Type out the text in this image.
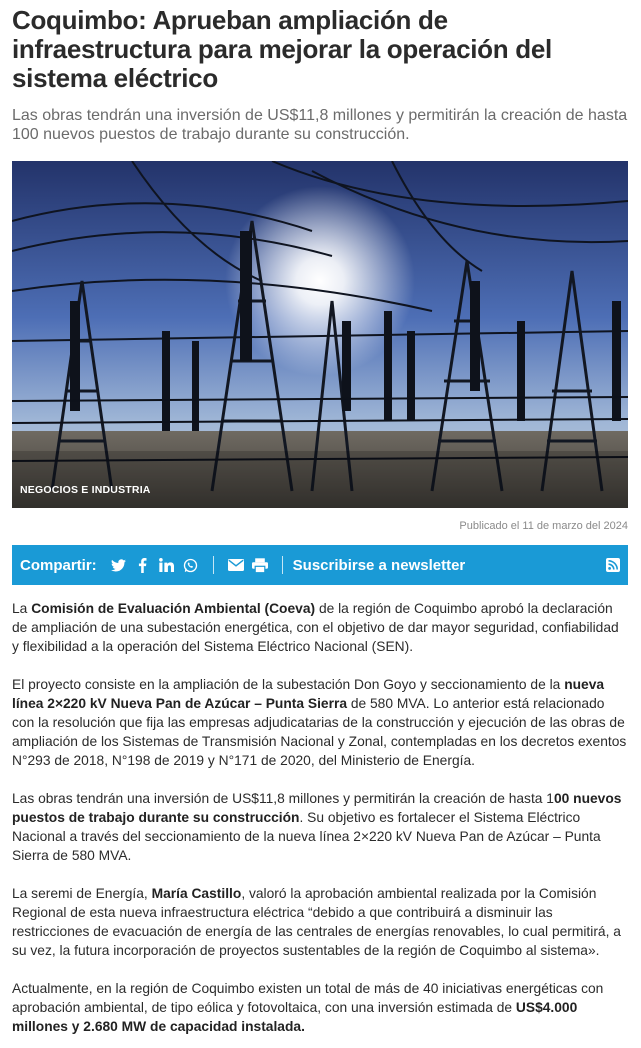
Coquimbo: Aprueban ampliación de infraestructura para mejorar la operación del sistema eléctrico
Las obras tendrán una inversión de US$11,8 millones y permitirán la creación de hasta 100 nuevos puestos de trabajo durante su construcción.
NEGOCIOS E INDUSTRIA
Publicado el 11 de marzo del 2024
Compartir:	Suscribirse a newsletter

La Comisión de Evaluación Ambiental (Coeva) de la región de Coquimbo aprobó la declaración de ampliación de una subestación energética, con el objetivo de dar mayor seguridad, confiabilidad y flexibilidad a la operación del Sistema Eléctrico Nacional (SEN).

El proyecto consiste en la ampliación de la subestación Don Goyo y seccionamiento de la nueva línea 2×220 kV Nueva Pan de Azúcar – Punta Sierra de 580 MVA. Lo anterior está relacionado con la resolución que fija las empresas adjudicatarias de la construcción y ejecución de las obras de ampliación de los Sistemas de Transmisión Nacional y Zonal, contempladas en los decretos exentos N°293 de 2018, N°198 de 2019 y N°171 de 2020, del Ministerio de Energía.

Las obras tendrán una inversión de US$11,8 millones y permitirán la creación de hasta 100 nuevos puestos de trabajo durante su construcción. Su objetivo es fortalecer el Sistema Eléctrico Nacional a través del seccionamiento de la nueva línea 2×220 kV Nueva Pan de Azúcar – Punta Sierra de 580 MVA.

La seremi de Energía, María Castillo, valoró la aprobación ambiental realizada por la Comisión Regional de esta nueva infraestructura eléctrica “debido a que contribuirá a disminuir las restricciones de evacuación de energía de las centrales de energías renovables, lo cual permitirá, a su vez, la futura incorporación de proyectos sustentables de la región de Coquimbo al sistema».

Actualmente, en la región de Coquimbo existen un total de más de 40 iniciativas energéticas con aprobación ambiental, de tipo eólica y fotovoltaica, con una inversión estimada de US$4.000 millones y 2.680 MW de capacidad instalada.
